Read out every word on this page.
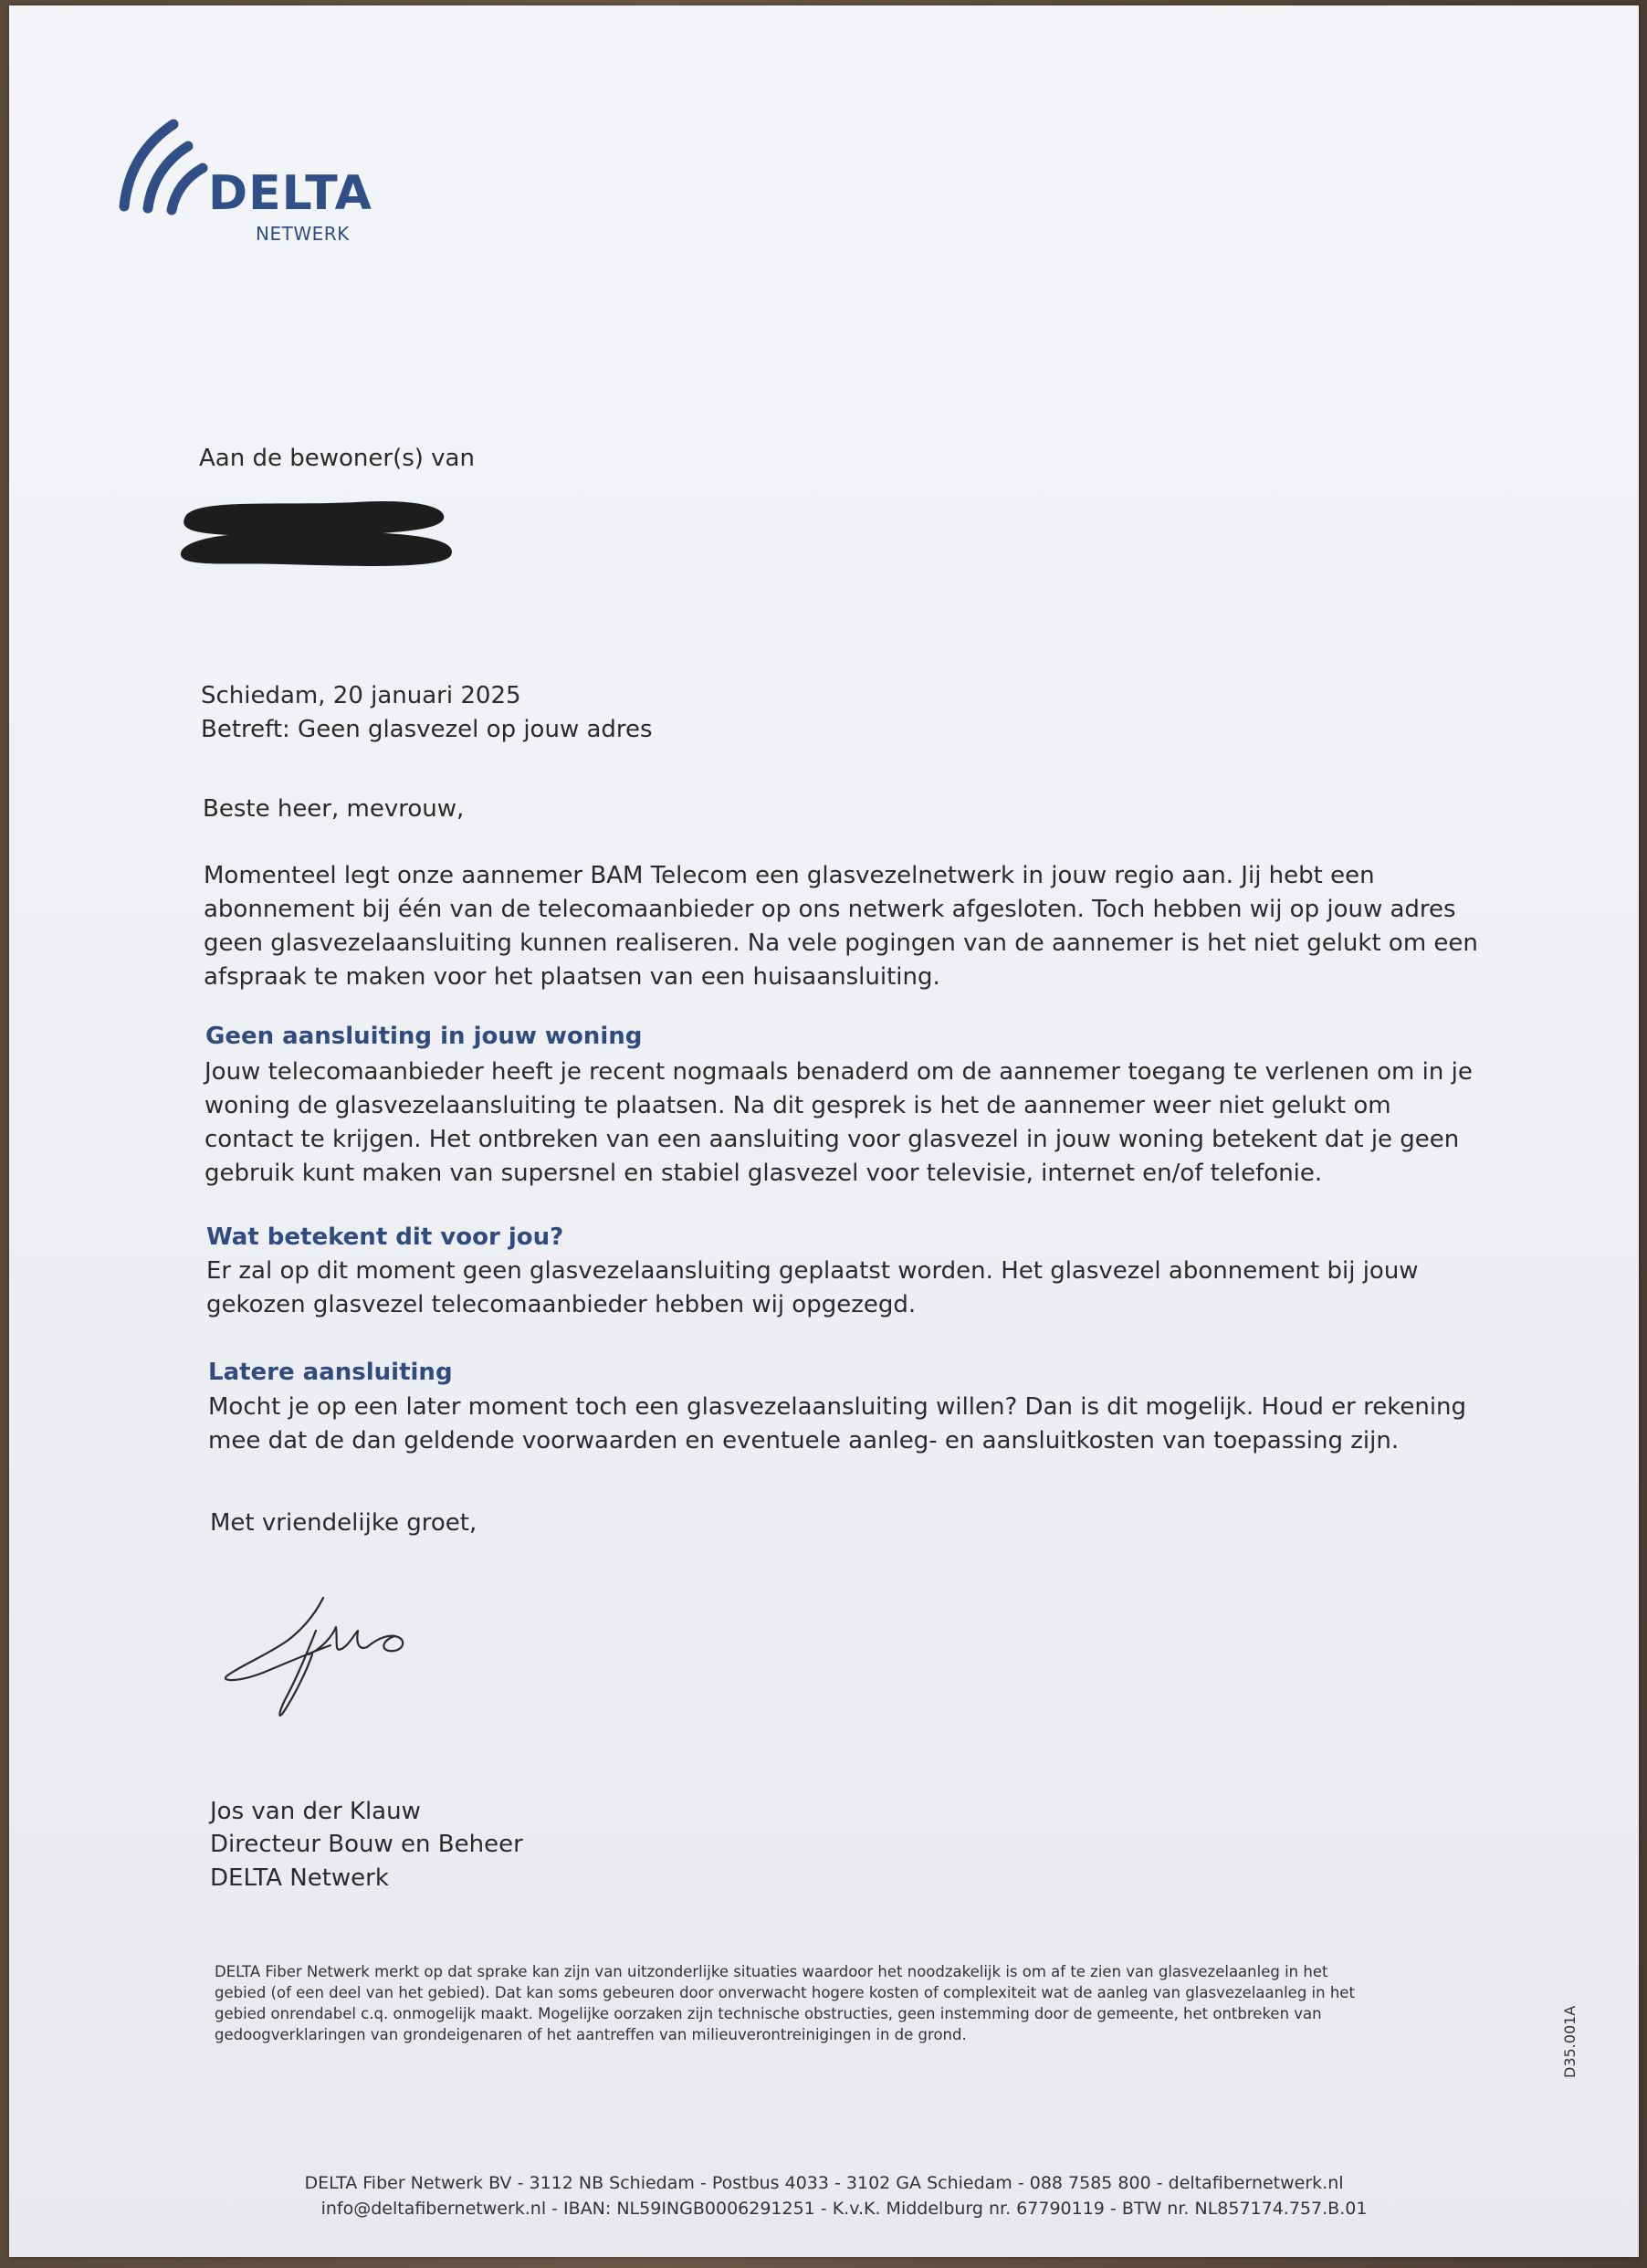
DELTA
NETWERK
Aan de bewoner(s) van
Schiedam, 20 januari 2025
Betreft: Geen glasvezel op jouw adres
Beste heer, mevrouw,
Momenteel legt onze aannemer BAM Telecom een glasvezelnetwerk in jouw regio aan. Jij hebt een
abonnement bij één van de telecomaanbieder op ons netwerk afgesloten. Toch hebben wij op jouw adres
geen glasvezelaansluiting kunnen realiseren. Na vele pogingen van de aannemer is het niet gelukt om een
afspraak te maken voor het plaatsen van een huisaansluiting.
Geen aansluiting in jouw woning
Jouw telecomaanbieder heeft je recent nogmaals benaderd om de aannemer toegang te verlenen om in je
woning de glasvezelaansluiting te plaatsen. Na dit gesprek is het de aannemer weer niet gelukt om
contact te krijgen. Het ontbreken van een aansluiting voor glasvezel in jouw woning betekent dat je geen
gebruik kunt maken van supersnel en stabiel glasvezel voor televisie, internet en/of telefonie.
Wat betekent dit voor jou?
Er zal op dit moment geen glasvezelaansluiting geplaatst worden. Het glasvezel abonnement bij jouw
gekozen glasvezel telecomaanbieder hebben wij opgezegd.
Latere aansluiting
Mocht je op een later moment toch een glasvezelaansluiting willen? Dan is dit mogelijk. Houd er rekening
mee dat de dan geldende voorwaarden en eventuele aanleg- en aansluitkosten van toepassing zijn.
Met vriendelijke groet,
Jos van der Klauw
Directeur Bouw en Beheer
DELTA Netwerk
DELTA Fiber Netwerk merkt op dat sprake kan zijn van uitzonderlijke situaties waardoor het noodzakelijk is om af te zien van glasvezelaanleg in het
gebied (of een deel van het gebied). Dat kan soms gebeuren door onverwacht hogere kosten of complexiteit wat de aanleg van glasvezelaanleg in het
gebied onrendabel c.q. onmogelijk maakt. Mogelijke oorzaken zijn technische obstructies, geen instemming door de gemeente, het ontbreken van
gedoogverklaringen van grondeigenaren of het aantreffen van milieuverontreinigingen in de grond.	D35.001A
DELTA Fiber Netwerk BV - 3112 NB Schiedam - Postbus 4033 - 3102 GA Schiedam - 088 7585 800 - deltafibernetwerk.nl
info@deltafibernetwerk.nl - IBAN: NL59INGB0006291251 - K.v.K. Middelburg nr. 67790119 - BTW nr. NL857174.757.B.01
